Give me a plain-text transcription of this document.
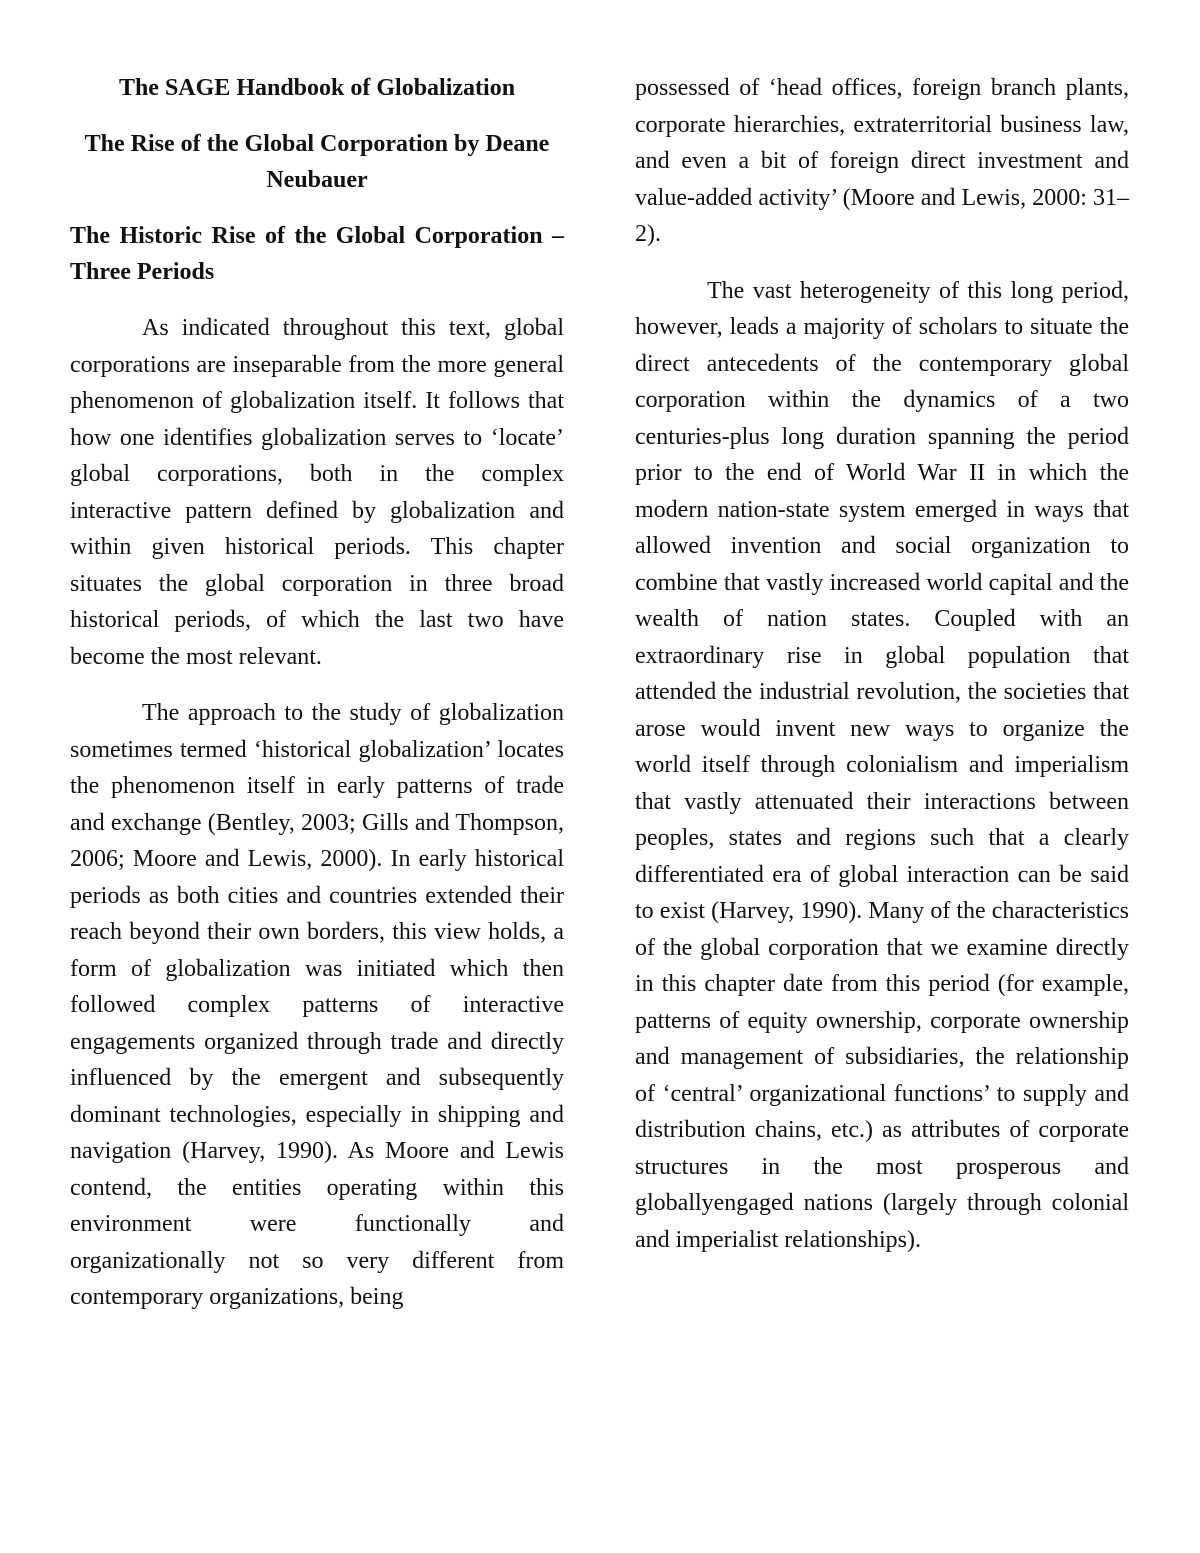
The SAGE Handbook of Globalization

The Rise of the Global Corporation by Deane Neubauer

The Historic Rise of the Global Corporation – Three Periods

As indicated throughout this text, global corporations are inseparable from the more general phenomenon of globalization itself. It follows that how one identifies globalization serves to ‘locate’ global corporations, both in the complex interactive pattern defined by globalization and within given historical periods. This chapter situates the global corporation in three broad historical periods, of which the last two have become the most relevant.

The approach to the study of globalization sometimes termed ‘historical globalization’ locates the phenomenon itself in early patterns of trade and exchange (Bentley, 2003; Gills and Thompson, 2006; Moore and Lewis, 2000). In early historical periods as both cities and countries extended their reach beyond their own borders, this view holds, a form of globalization was initiated which then followed complex patterns of interactive engagements organized through trade and directly influenced by the emergent and subsequently dominant technologies, especially in shipping and navigation (Harvey, 1990). As Moore and Lewis contend, the entities operating within this environment were functionally and organizationally not so very different from contemporary organizations, being

possessed of ‘head offices, foreign branch plants, corporate hierarchies, extraterritorial business law, and even a bit of foreign direct investment and value-added activity’ (Moore and Lewis, 2000: 31–2).

The vast heterogeneity of this long period, however, leads a majority of scholars to situate the direct antecedents of the contemporary global corporation within the dynamics of a two centuries-plus long duration spanning the period prior to the end of World War II in which the modern nation-state system emerged in ways that allowed invention and social organization to combine that vastly increased world capital and the wealth of nation states. Coupled with an extraordinary rise in global population that attended the industrial revolution, the societies that arose would invent new ways to organize the world itself through colonialism and imperialism that vastly attenuated their interactions between peoples, states and regions such that a clearly differentiated era of global interaction can be said to exist (Harvey, 1990). Many of the characteristics of the global corporation that we examine directly in this chapter date from this period (for example, patterns of equity ownership, corporate ownership and management of subsidiaries, the relationship of ‘central’ organizational functions’ to supply and distribution chains, etc.) as attributes of corporate structures in the most prosperous and globallyengaged nations (largely through colonial and imperialist relationships).
